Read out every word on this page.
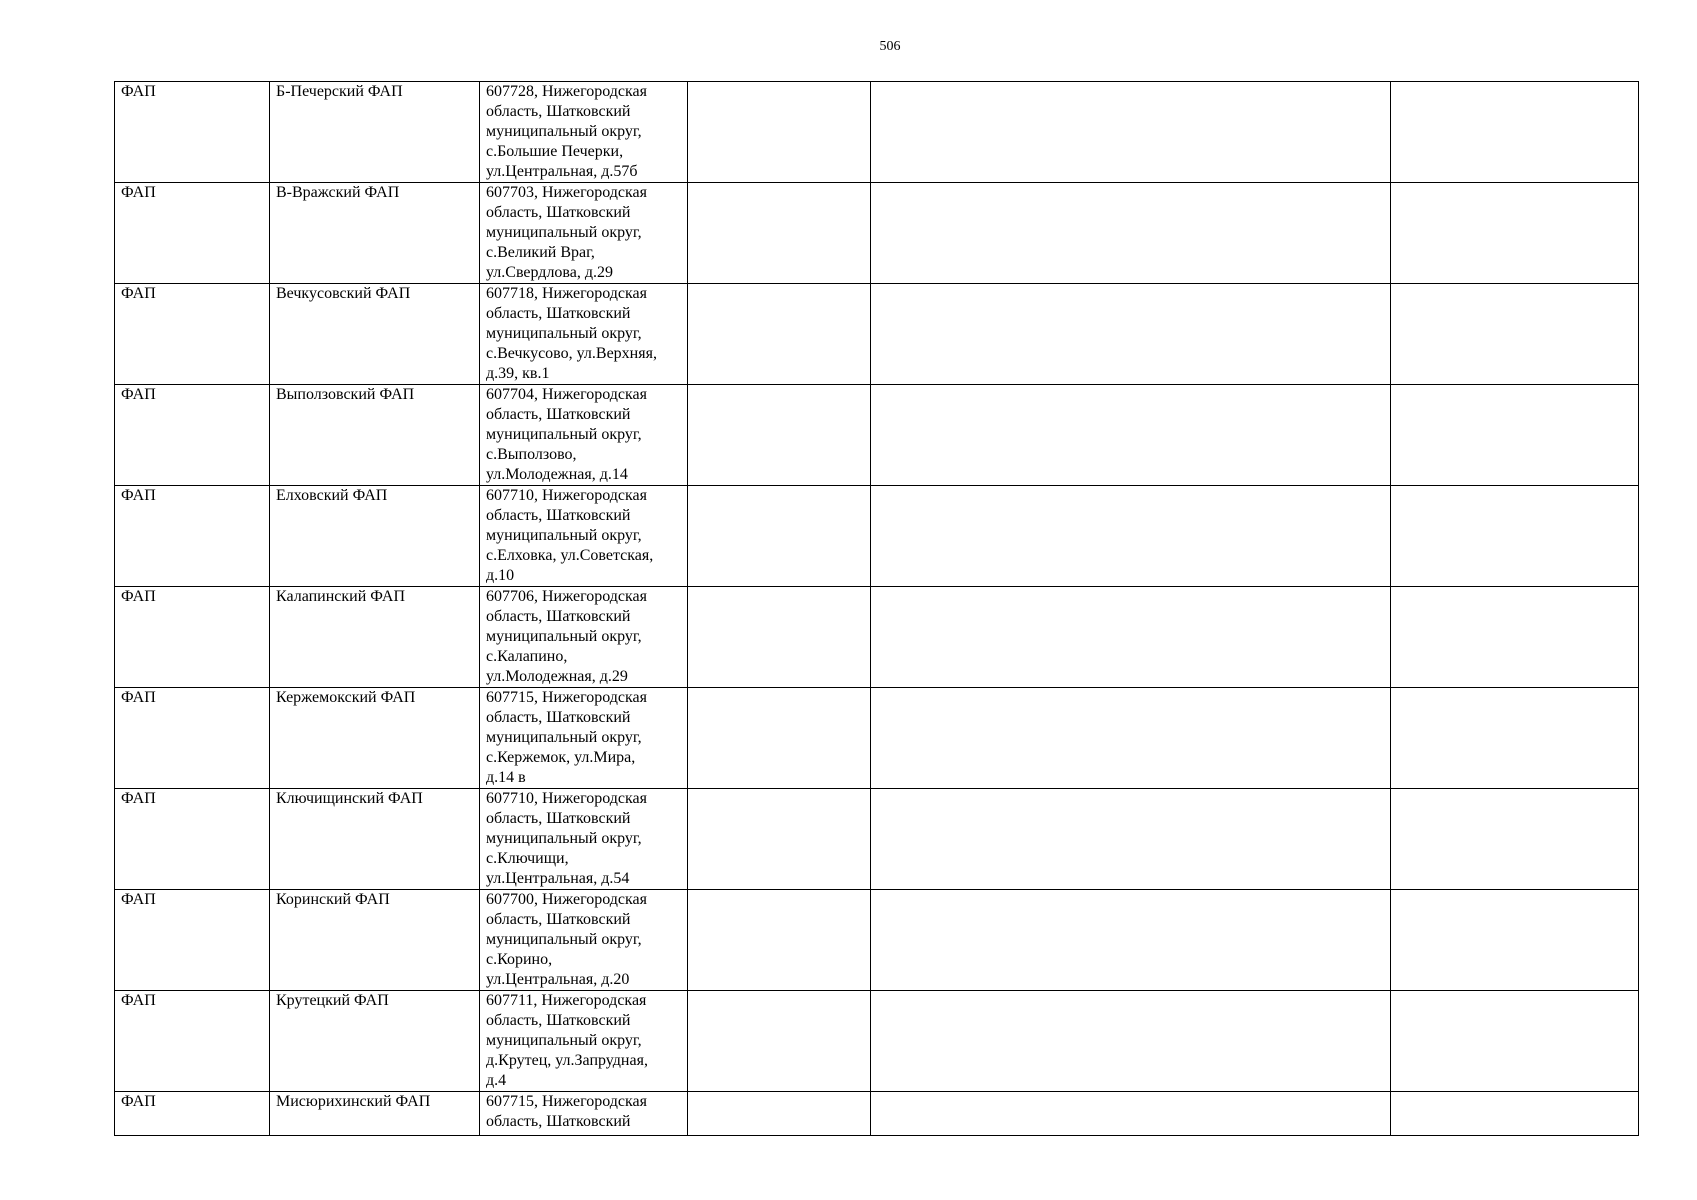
506
ФАП	Б-Печерский ФАП	607728, Нижегородская
область, Шатковский
муниципальный округ,
с.Большие Печерки,
ул.Центральная, д.57б			

ФАП	В-Вражский ФАП	607703, Нижегородская
область, Шатковский
муниципальный округ,
с.Великий Враг,
ул.Свердлова, д.29			

ФАП	Вечкусовский ФАП	607718, Нижегородская
область, Шатковский
муниципальный округ,
с.Вечкусово, ул.Верхняя,
д.39, кв.1			

ФАП	Выползовский ФАП	607704, Нижегородская
область, Шатковский
муниципальный округ,
с.Выползово,
ул.Молодежная, д.14			

ФАП	Елховский ФАП	607710, Нижегородская
область, Шатковский
муниципальный округ,
с.Елховка, ул.Советская,
д.10			

ФАП	Калапинский ФАП	607706, Нижегородская
область, Шатковский
муниципальный округ,
с.Калапино,
ул.Молодежная, д.29			

ФАП	Кержемокский ФАП	607715, Нижегородская
область, Шатковский
муниципальный округ,
с.Кержемок, ул.Мира,
д.14 в			

ФАП	Ключищинский ФАП	607710, Нижегородская
область, Шатковский
муниципальный округ,
с.Ключищи,
ул.Центральная, д.54			

ФАП	Коринский ФАП	607700, Нижегородская
область, Шатковский
муниципальный округ,
с.Корино,
ул.Центральная, д.20			

ФАП	Крутецкий ФАП	607711, Нижегородская
область, Шатковский
муниципальный округ,
д.Крутец, ул.Запрудная,
д.4			

ФАП	Мисюрихинский ФАП	607715, Нижегородская
область, Шатковский			
